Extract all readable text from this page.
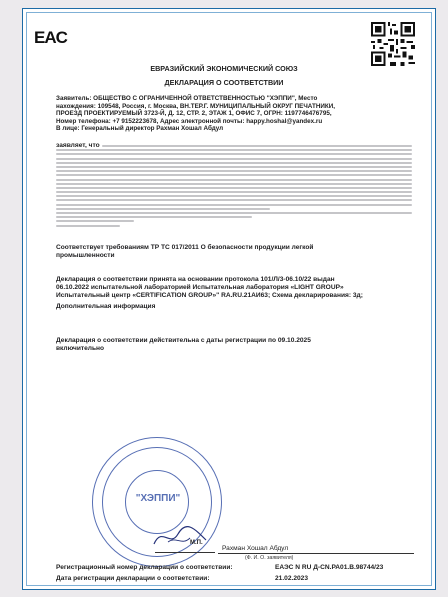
EAC
ЕВРАЗИЙСКИЙ ЭКОНОМИЧЕСКИЙ СОЮЗ
ДЕКЛАРАЦИЯ О СООТВЕТСТВИИ
Заявитель: ОБЩЕСТВО С ОГРАНИЧЕННОЙ ОТВЕТСТВЕННОСТЬЮ "ХЭППИ", Место
нахождения: 109548, Россия, г. Москва, ВН.ТЕР.Г. МУНИЦИПАЛЬНЫЙ ОКРУГ ПЕЧАТНИКИ,
ПРОЕЗД ПРОЕКТИРУЕМЫЙ 3723-Й, Д. 12, СТР. 2, ЭТАЖ 1, ОФИС 7, ОГРН: 1197746476795,
Номер телефона: +7 9152223678, Адрес электронной почты: happy.hoshal@yandex.ru
В лице: Генеральный директор Рахман Хошал Абдул
заявляет, что
Соответствует требованиям ТР ТС 017/2011 О безопасности продукции легкой
промышленности
Декларация о соответствии принята на основании протокола 101/Л/3-06.10/22 выдан
06.10.2022 испытательной лабораторией Испытательная лаборатория «LIGHT GROUP»
Испытательный центр «CERTIFICATION GROUP»" RA.RU.21AИ63; Схема декларирования: 3д;
Дополнительная информация
Декларация о соответствии действительна с даты регистрации по 09.10.2025
включительно
"ХЭППИ"
М.П.
Рахман Хошал Абдул
(Ф. И. О. заявителя)
Регистрационный номер декларации о соответствии:	ЕАЭС N RU Д-CN.РА01.В.98744/23
Дата регистрации декларации о соответствии:	21.02.2023
